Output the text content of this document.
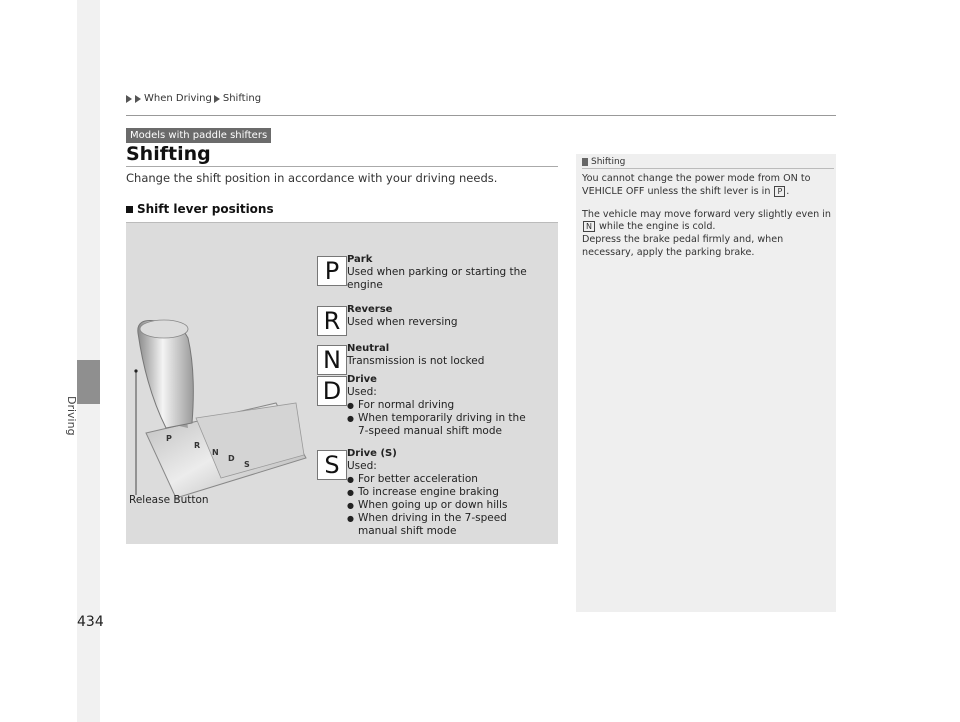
Driving
434
When Driving Shifting
Models with paddle shifters
Shifting
Change the shift position in accordance with your driving needs.
Shift lever positions
P
R
N
D
S
P Park
Used when parking or starting the engine
R Reverse
Used when reversing
N Neutral
Transmission is not locked
D Drive
Used:
● For normal driving
● When temporarily driving in the 7-speed manual shift mode
S Drive (S)
Used:
● For better acceleration
● To increase engine braking
● When going up or down hills
● When driving in the 7-speed manual shift mode
Release Button
Shifting

You cannot change the power mode from ON to VEHICLE OFF unless the shift lever is in P .

The vehicle may move forward very slightly even in N while the engine is cold.

Depress the brake pedal firmly and, when necessary, apply the parking brake.
